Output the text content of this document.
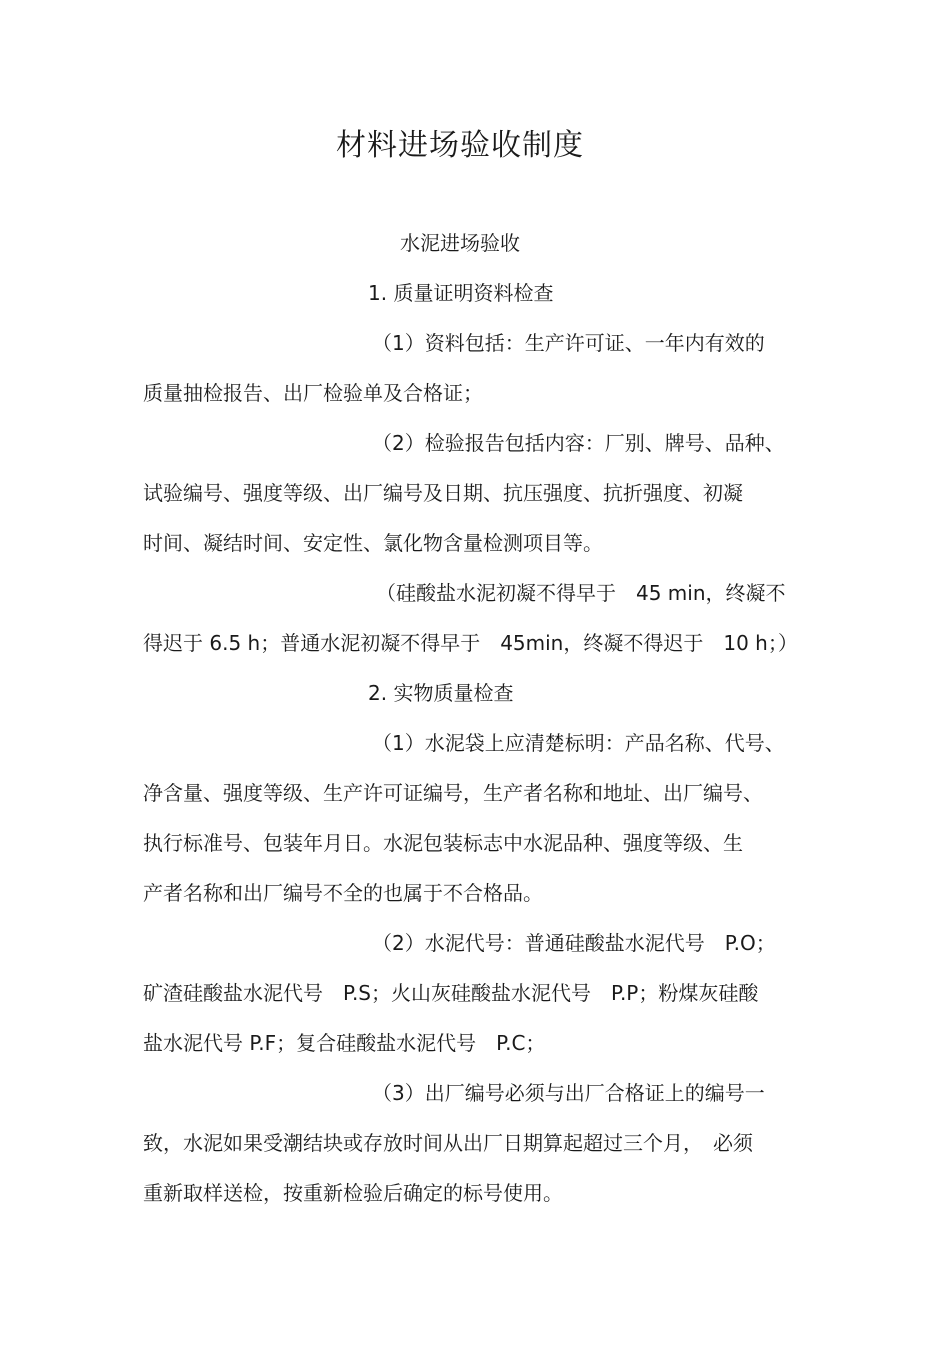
材料进场验收制度
水泥进场验收
1. 质量证明资料检查
（1）资料包括：生产许可证、一年内有效的
质量抽检报告、出厂检验单及合格证；
（2）检验报告包括内容：厂别、牌号、品种、
试验编号、强度等级、出厂编号及日期、抗压强度、抗折强度、初凝
时间、凝结时间、安定性、氯化物含量检测项目等。
（硅酸盐水泥初凝不得早于　45 min，终凝不
得迟于 6.5 h；普通水泥初凝不得早于　45min，终凝不得迟于　10 h；）
2. 实物质量检查
（1）水泥袋上应清楚标明：产品名称、代号、
净含量、强度等级、生产许可证编号，生产者名称和地址、出厂编号、
执行标准号、包装年月日。水泥包装标志中水泥品种、强度等级、生
产者名称和出厂编号不全的也属于不合格品。
（2）水泥代号：普通硅酸盐水泥代号　P.O；
矿渣硅酸盐水泥代号　P.S；火山灰硅酸盐水泥代号　P.P；粉煤灰硅酸
盐水泥代号 P.F；复合硅酸盐水泥代号　P.C；
（3）出厂编号必须与出厂合格证上的编号一
致，水泥如果受潮结块或存放时间从出厂日期算起超过三个月，　必须
重新取样送检，按重新检验后确定的标号使用。
